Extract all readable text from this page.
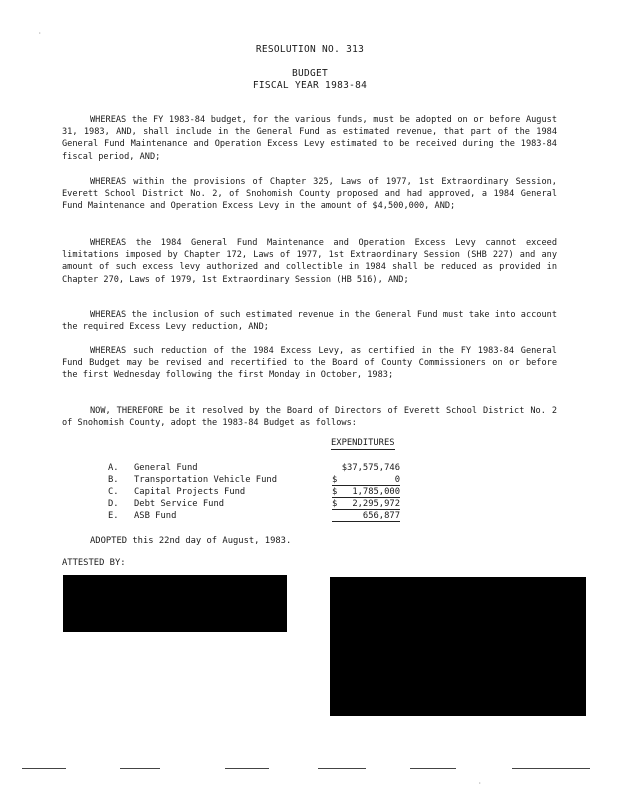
·
RESOLUTION NO. 313
BUDGET
FISCAL YEAR 1983-84
WHEREAS the FY 1983-84 budget, for the various funds, must be adopted on or before August 31, 1983, AND, shall include in the General Fund as estimated revenue, that part of the 1984 General Fund Maintenance and Operation Excess Levy estimated to be received during the 1983-84 fiscal period, AND;
WHEREAS within the provisions of Chapter 325, Laws of 1977, 1st Extraordinary Session, Everett School District No. 2, of Snohomish County proposed and had approved, a 1984 General Fund Maintenance and Operation Excess Levy in the amount of $4,500,000, AND;
WHEREAS the 1984 General Fund Maintenance and Operation Excess Levy cannot exceed limitations imposed by Chapter 172, Laws of 1977, 1st Extraordinary Session (SHB 227) and any amount of such excess levy authorized and collectible in 1984 shall be reduced as provided in Chapter 270, Laws of 1979, 1st Extraordinary Session (HB 516), AND;
WHEREAS the inclusion of such estimated revenue in the General Fund must take into account the required Excess Levy reduction, AND;
WHEREAS such reduction of the 1984 Excess Levy, as certified in the FY 1983-84 General Fund Budget may be revised and recertified to the Board of County Commissioners on or before the first Wednesday following the first Monday in October, 1983;
NOW, THEREFORE be it resolved by the Board of Directors of Everett School District No. 2 of Snohomish County, adopt the 1983-84 Budget as follows:
EXPENDITURES
A. General Fund	$37,575,746
B. Transportation Vehicle Fund	$	0
C. Capital Projects Fund	$	1,785,000
D. Debt Service Fund	$	2,295,972
E. ASB Fund	656,877
ADOPTED this 22nd day of August, 1983.
ATTESTED BY:
·
